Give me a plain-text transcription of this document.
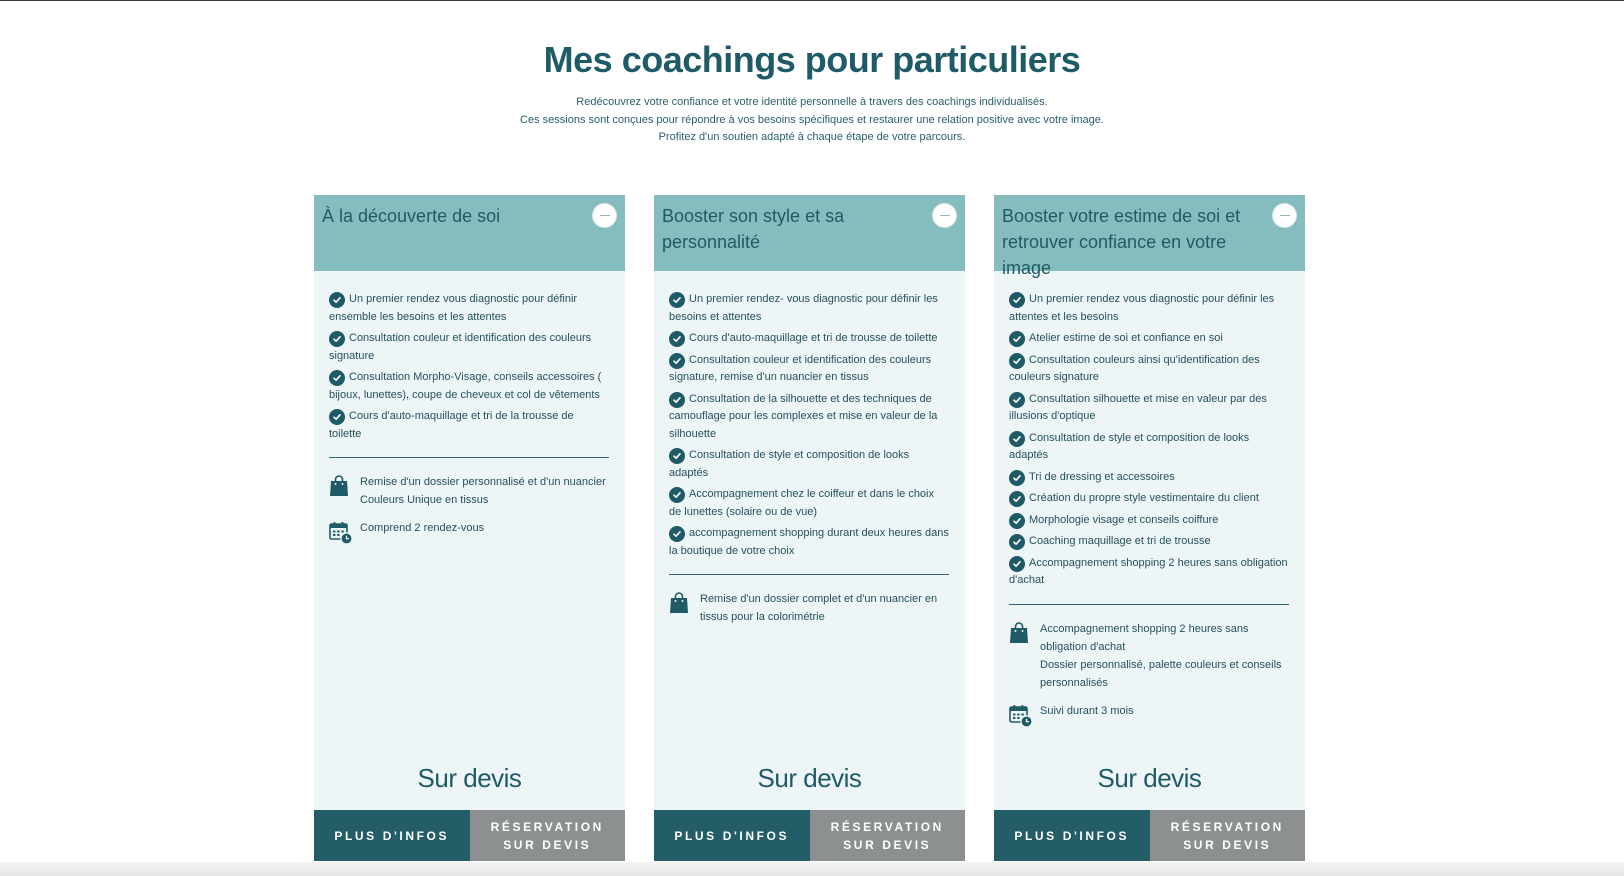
Mes coachings pour particuliers
Redécouvrez votre confiance et votre identité personnelle à travers des coachings individualisés.
Ces sessions sont conçues pour répondre à vos besoins spécifiques et restaurer une relation positive avec votre image.
Profitez d'un soutien adapté à chaque étape de votre parcours.
À la découverte de soi
Un premier rendez vous diagnostic pour définir ensemble les besoins et les attentes
Consultation couleur et identification des couleurs signature
Consultation Morpho-Visage, conseils accessoires ( bijoux, lunettes), coupe de cheveux et col de vêtements
Cours d'auto-maquillage et tri de la trousse de toilette
Remise d'un dossier personnalisé et d'un nuancier Couleurs Unique en tissus
Comprend 2 rendez-vous
Sur devis
PLUS D'INFOS
RÉSERVATION SUR DEVIS
Booster son style et sa personnalité
Un premier rendez- vous diagnostic pour définir les besoins et attentes
Cours d'auto-maquillage et tri de trousse de toilette
Consultation couleur et identification des couleurs signature, remise d'un nuancier en tissus
Consultation de la silhouette et des techniques de camouflage pour les complexes et mise en valeur de la silhouette
Consultation de style et composition de looks adaptés
Accompagnement chez le coiffeur et dans le choix de lunettes (solaire ou de vue)
accompagnement shopping durant deux heures dans la boutique de votre choix
Remise d'un dossier complet et d'un nuancier en tissus pour la colorimétrie
Sur devis
PLUS D'INFOS
RÉSERVATION SUR DEVIS
Booster votre estime de soi et retrouver confiance en votre image
Un premier rendez vous diagnostic pour définir les attentes et les besoins
Atelier estime de soi et confiance en soi
Consultation couleurs ainsi qu'identification des couleurs signature
Consultation silhouette et mise en valeur par des illusions d'optique
Consultation de style et composition de looks adaptés
Tri de dressing et accessoires
Création du propre style vestimentaire du client
Morphologie visage et conseils coiffure
Coaching maquillage et tri de trousse
Accompagnement shopping 2 heures sans obligation d'achat
Accompagnement shopping 2 heures sans obligation d'achat
Dossier personnalisé, palette couleurs et conseils personnalisés
Suivi durant 3 mois
Sur devis
PLUS D'INFOS
RÉSERVATION SUR DEVIS
